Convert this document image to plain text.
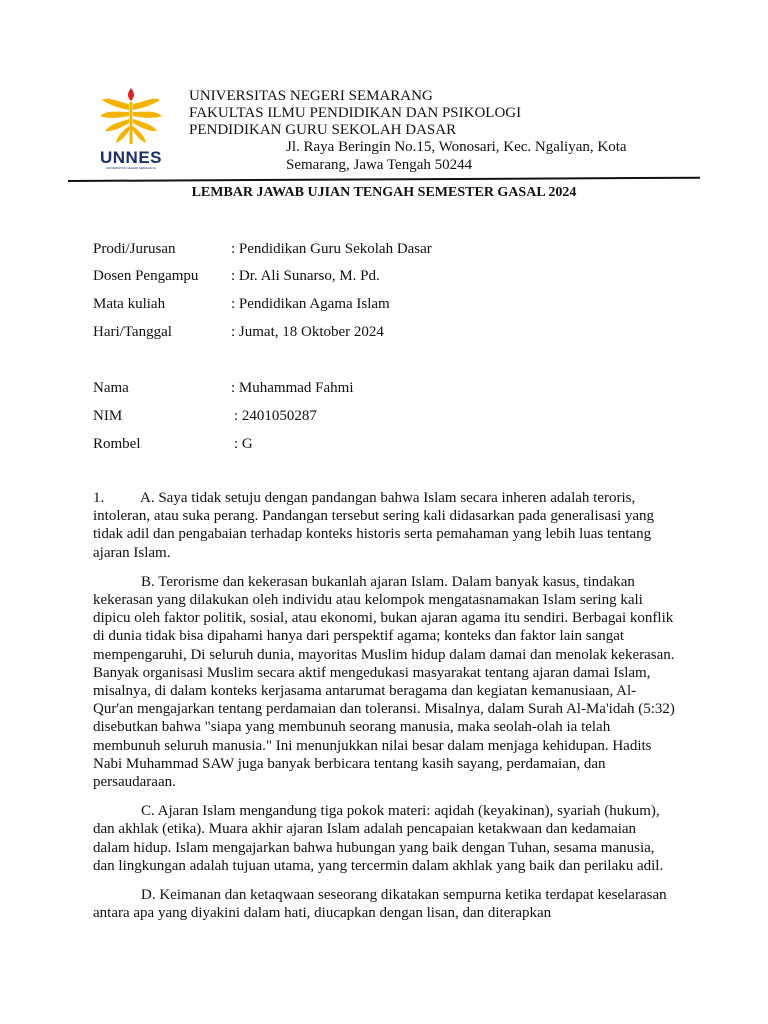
UNNES
UNIVERSITAS NEGERI SEMARANG
UNIVERSITAS NEGERI SEMARANG
FAKULTAS ILMU PENDIDIKAN DAN PSIKOLOGI
PENDIDIKAN GURU SEKOLAH DASAR
Jl. Raya Beringin No.15, Wonosari, Kec. Ngaliyan, Kota
Semarang, Jawa Tengah 50244
LEMBAR JAWAB UJIAN TENGAH SEMESTER GASAL 2024
Prodi/Jurusan	: Pendidikan Guru Sekolah Dasar
Dosen Pengampu : Dr. Ali Sunarso, M. Pd.
Mata kuliah	: Pendidikan Agama Islam
Hari/Tanggal	: Jumat, 18 Oktober 2024
Nama	: Muhammad Fahmi
NIM	: 2401050287
Rombel	: G

1. A. Saya tidak setuju dengan pandangan bahwa Islam secara inheren adalah teroris, intoleran, atau suka perang. Pandangan tersebut sering kali didasarkan pada generalisasi yang tidak adil dan pengabaian terhadap konteks historis serta pemahaman yang lebih luas tentang ajaran Islam.

B. Terorisme dan kekerasan bukanlah ajaran Islam. Dalam banyak kasus, tindakan kekerasan yang dilakukan oleh individu atau kelompok mengatasnamakan Islam sering kali dipicu oleh faktor politik, sosial, atau ekonomi, bukan ajaran agama itu sendiri. Berbagai konflik di dunia tidak bisa dipahami hanya dari perspektif agama; konteks dan faktor lain sangat mempengaruhi, Di seluruh dunia, mayoritas Muslim hidup dalam damai dan menolak kekerasan. Banyak organisasi Muslim secara aktif mengedukasi masyarakat tentang ajaran damai Islam, misalnya, di dalam konteks kerjasama antarumat beragama dan kegiatan kemanusiaan, Al-Qur'an mengajarkan tentang perdamaian dan toleransi. Misalnya, dalam Surah Al-Ma'idah (5:32) disebutkan bahwa "siapa yang membunuh seorang manusia, maka seolah-olah ia telah membunuh seluruh manusia." Ini menunjukkan nilai besar dalam menjaga kehidupan. Hadits Nabi Muhammad SAW juga banyak berbicara tentang kasih sayang, perdamaian, dan persaudaraan.

C. Ajaran Islam mengandung tiga pokok materi: aqidah (keyakinan), syariah (hukum), dan akhlak (etika). Muara akhir ajaran Islam adalah pencapaian ketakwaan dan kedamaian dalam hidup. Islam mengajarkan bahwa hubungan yang baik dengan Tuhan, sesama manusia, dan lingkungan adalah tujuan utama, yang tercermin dalam akhlak yang baik dan perilaku adil.

D. Keimanan dan ketaqwaan seseorang dikatakan sempurna ketika terdapat keselarasan antara apa yang diyakini dalam hati, diucapkan dengan lisan, dan diterapkan
